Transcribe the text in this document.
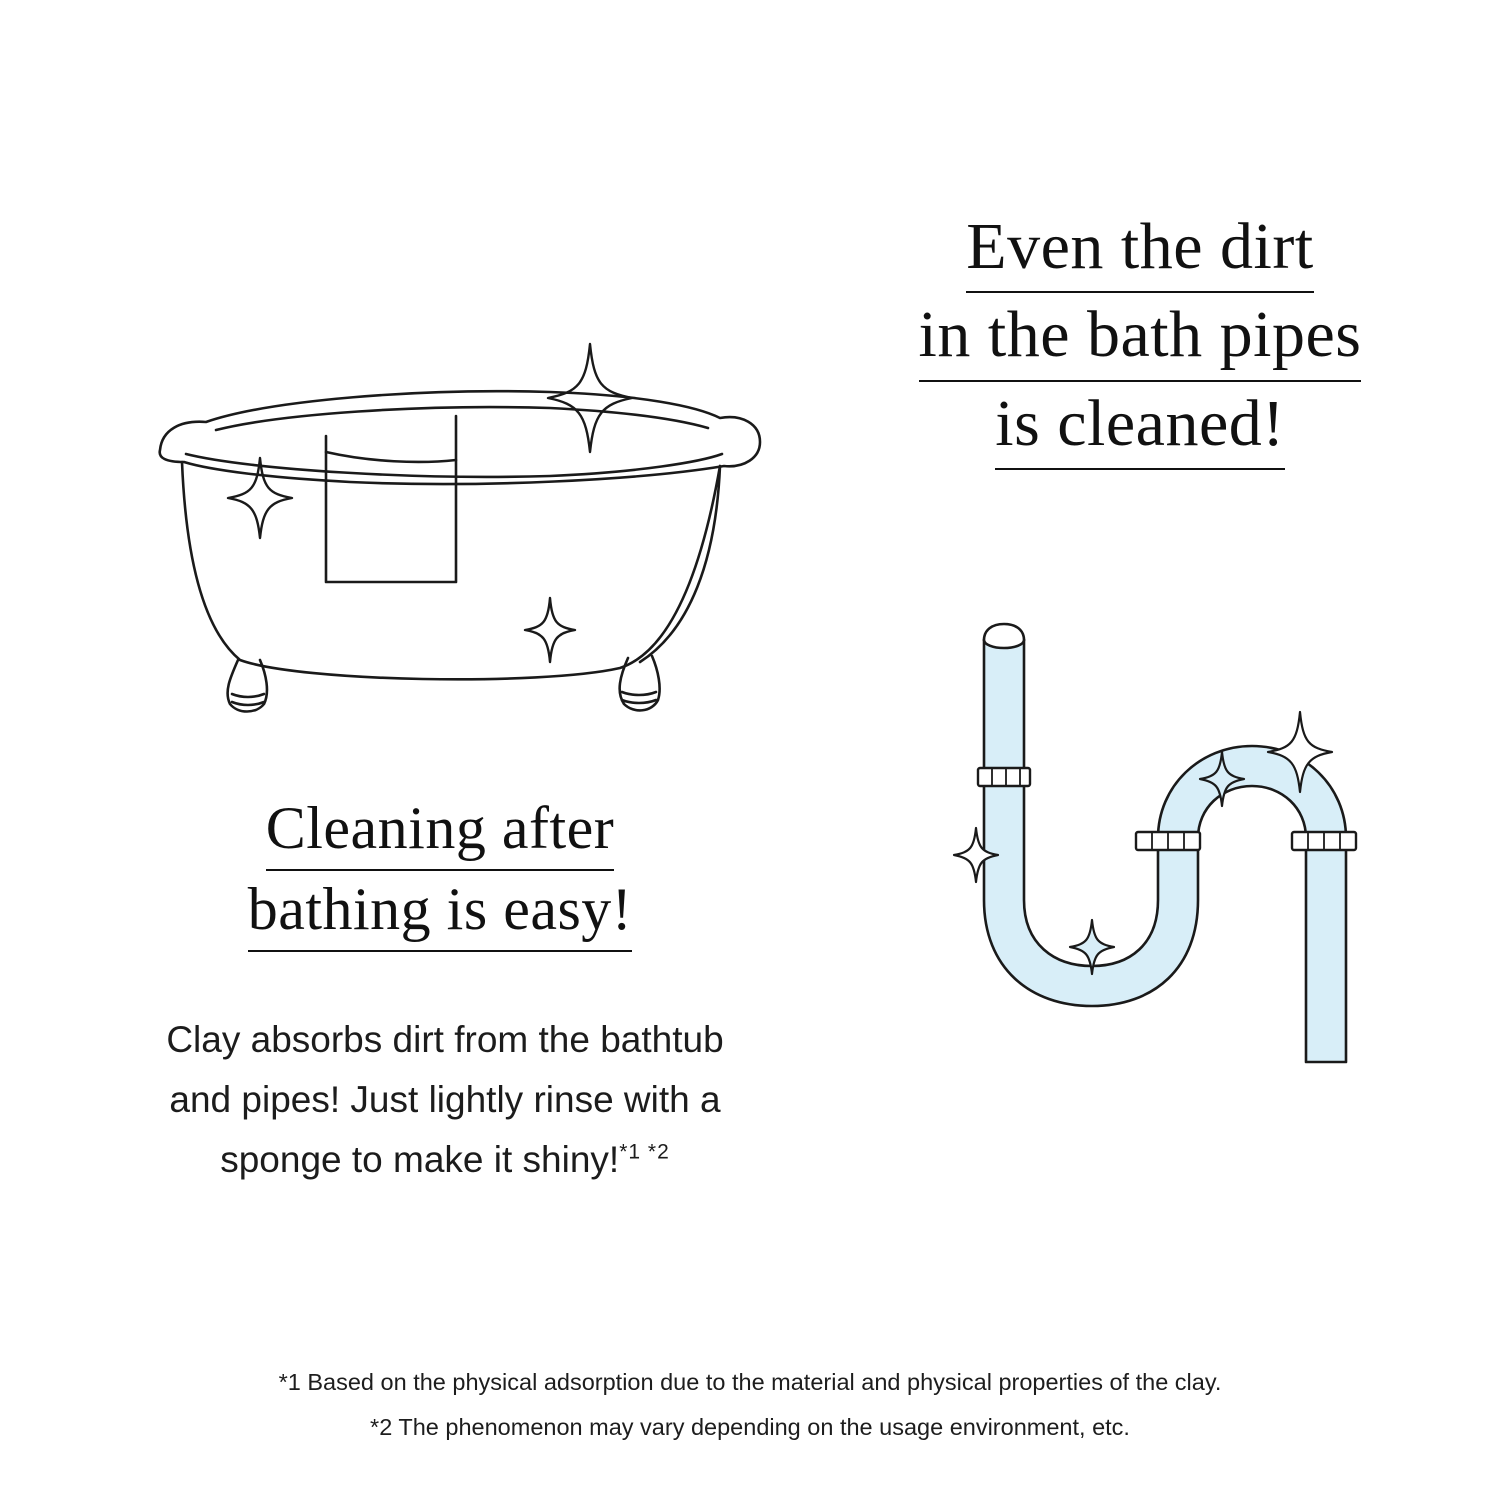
Even the dirt
in the bath pipes
is cleaned!
Cleaning after
bathing is easy!
Clay absorbs dirt from the bathtub
and pipes! Just lightly rinse with a
sponge to make it shiny!$^{*1 *2}$
*1 Based on the physical adsorption due to the material and physical properties of the clay.
*2 The phenomenon may vary depending on the usage environment, etc.
